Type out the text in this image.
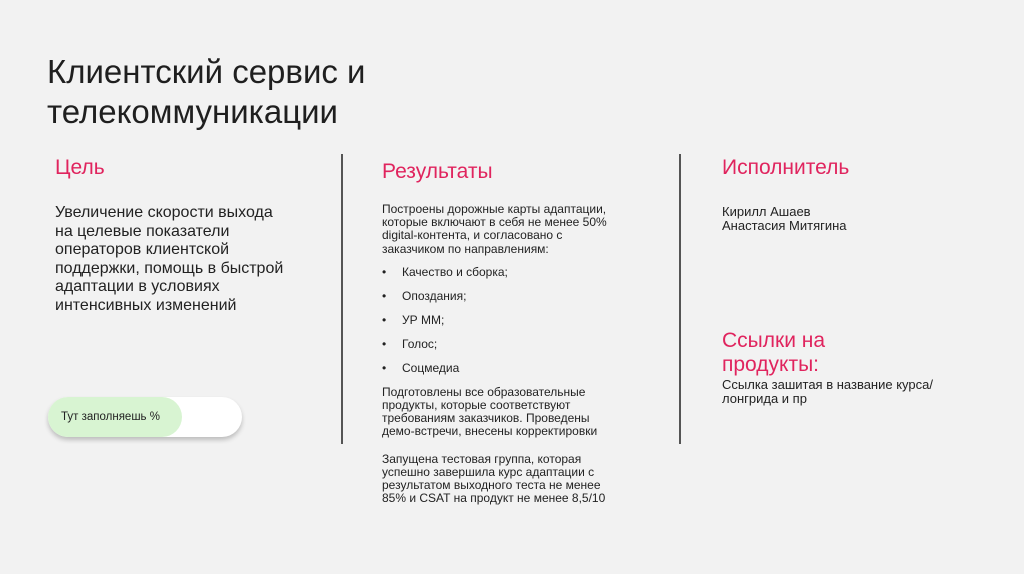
Клиентский сервис и
телекоммуникации
Цель
Увеличение скорости выхода на целевые показатели операторов клиентской поддержки, помощь в быстрой адаптации в условиях интенсивных изменений
Тут заполняешь %
Результаты

Построены дорожные карты адаптации, которые включают в себя не менее 50% digital-контента, и согласовано с заказчиком по направлениям:

• Качество и сборка;
• Опоздания;
• УР ММ;
• Голос;
• Соцмедиа

Подготовлены все образовательные продукты, которые соответствуют требованиям заказчиков. Проведены демо-встречи, внесены корректировки

Запущена тестовая группа, которая успешно завершила курс адаптации с результатом выходного теста не менее 85% и CSAT на продукт не менее 8,5/10

Исполнитель
Кирилл Ашаев
Анастасия Митягина
Ссылки на продукты:
Ссылка зашитая в название курса/лонгрида и пр
